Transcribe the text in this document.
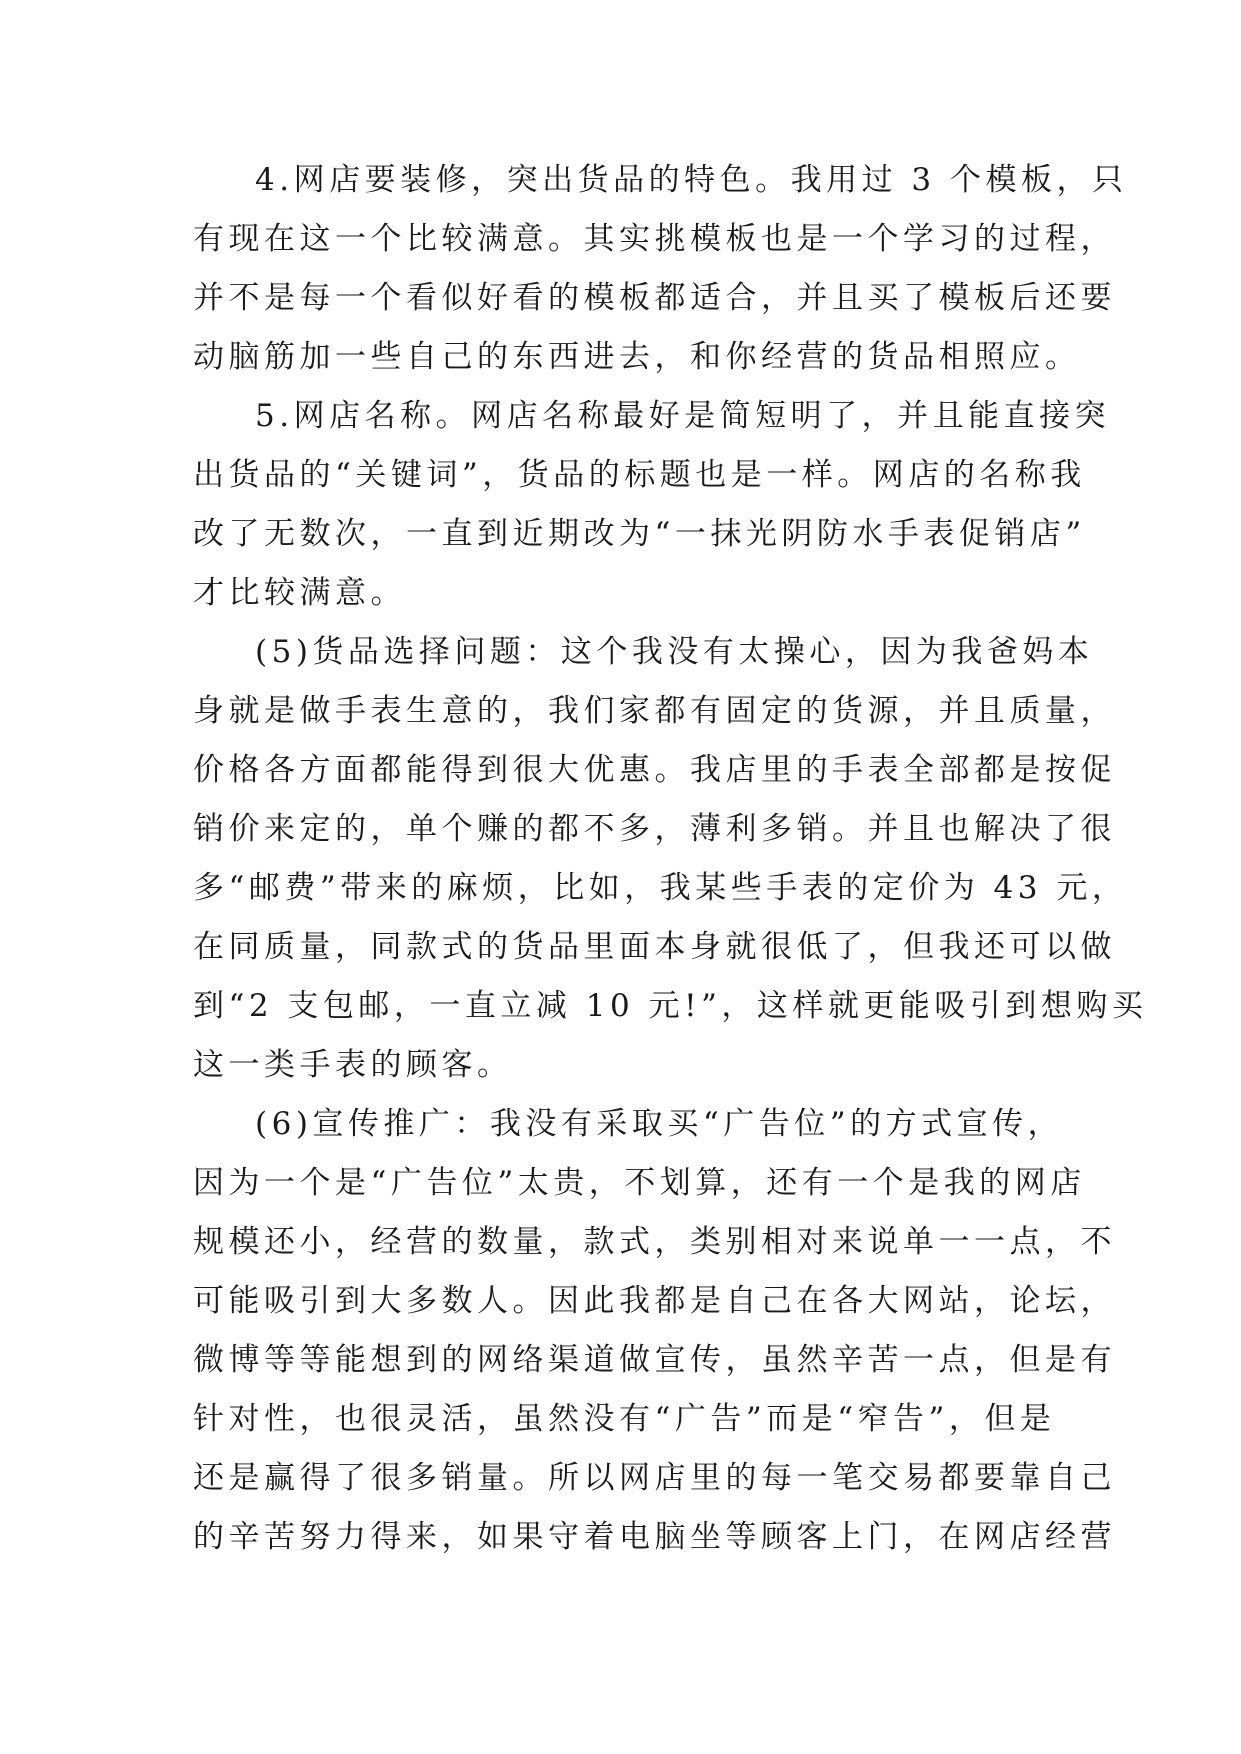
4.网店要装修，突出货品的特色。我用过 3 个模板，只
有现在这一个比较满意。其实挑模板也是一个学习的过程，
并不是每一个看似好看的模板都适合，并且买了模板后还要
动脑筋加一些自己的东西进去，和你经营的货品相照应。
5.网店名称。网店名称最好是简短明了，并且能直接突
出货品的“关键词”，货品的标题也是一样。网店的名称我
改了无数次，一直到近期改为“一抹光阴防水手表促销店”
才比较满意。
(5)货品选择问题：这个我没有太操心，因为我爸妈本
身就是做手表生意的，我们家都有固定的货源，并且质量，
价格各方面都能得到很大优惠。我店里的手表全部都是按促
销价来定的，单个赚的都不多，薄利多销。并且也解决了很
多“邮费”带来的麻烦，比如，我某些手表的定价为 43 元，
在同质量，同款式的货品里面本身就很低了，但我还可以做
到“2 支包邮，一直立减 10 元!”，这样就更能吸引到想购买
这一类手表的顾客。
(6)宣传推广：我没有采取买“广告位”的方式宣传，
因为一个是“广告位”太贵，不划算，还有一个是我的网店
规模还小，经营的数量，款式，类别相对来说单一一点，不
可能吸引到大多数人。因此我都是自己在各大网站，论坛，
微博等等能想到的网络渠道做宣传，虽然辛苦一点，但是有
针对性，也很灵活，虽然没有“广告”而是“窄告”，但是
还是赢得了很多销量。所以网店里的每一笔交易都要靠自己
的辛苦努力得来，如果守着电脑坐等顾客上门，在网店经营
